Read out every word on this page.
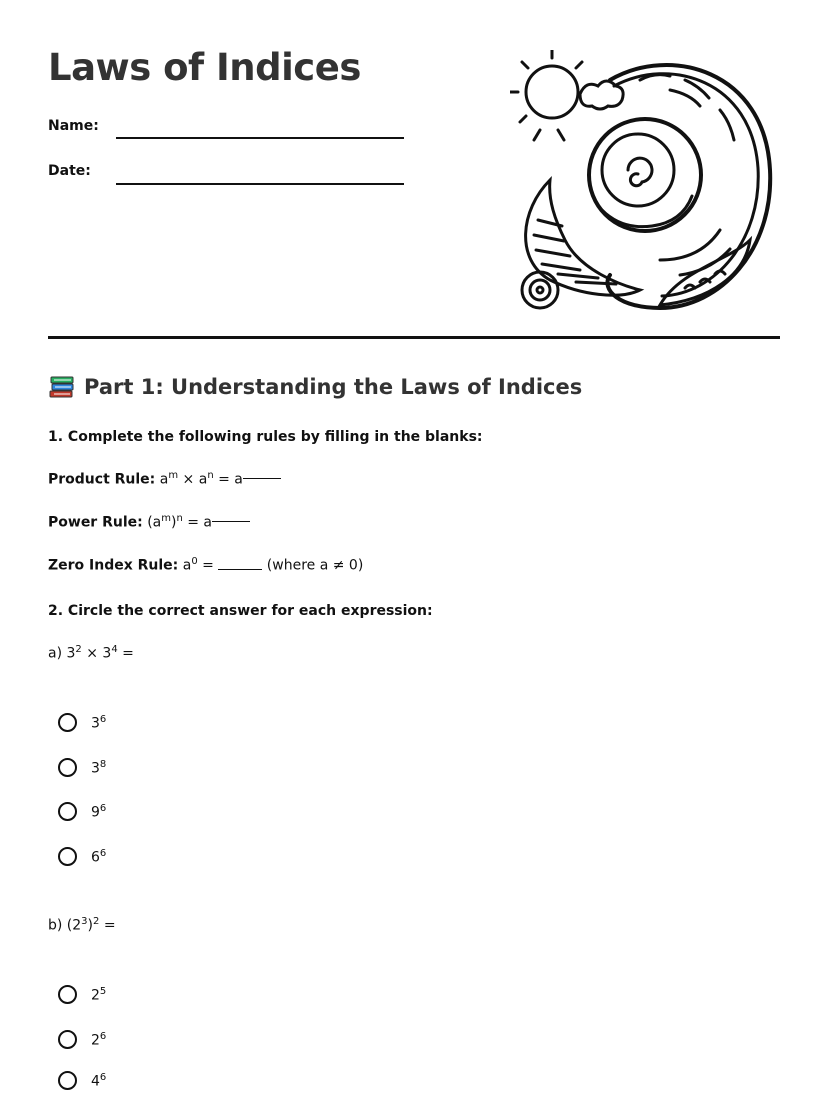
Laws of Indices
Name:
Date:
Part 1: Understanding the Laws of Indices
1. Complete the following rules by filling in the blanks:
Product Rule: $a^m \times a^n = a$
Power Rule: $(a^m)^n = a$
Zero Index Rule: $a^0$ =	(where a ≠ 0)
2. Circle the correct answer for each expression:
a) $3^2 \times 3^4$ =
$3^6$
$3^8$
$9^6$
$6^6$
b) $(2^3)^2$ =
$2^5$
$2^6$
$4^6$
